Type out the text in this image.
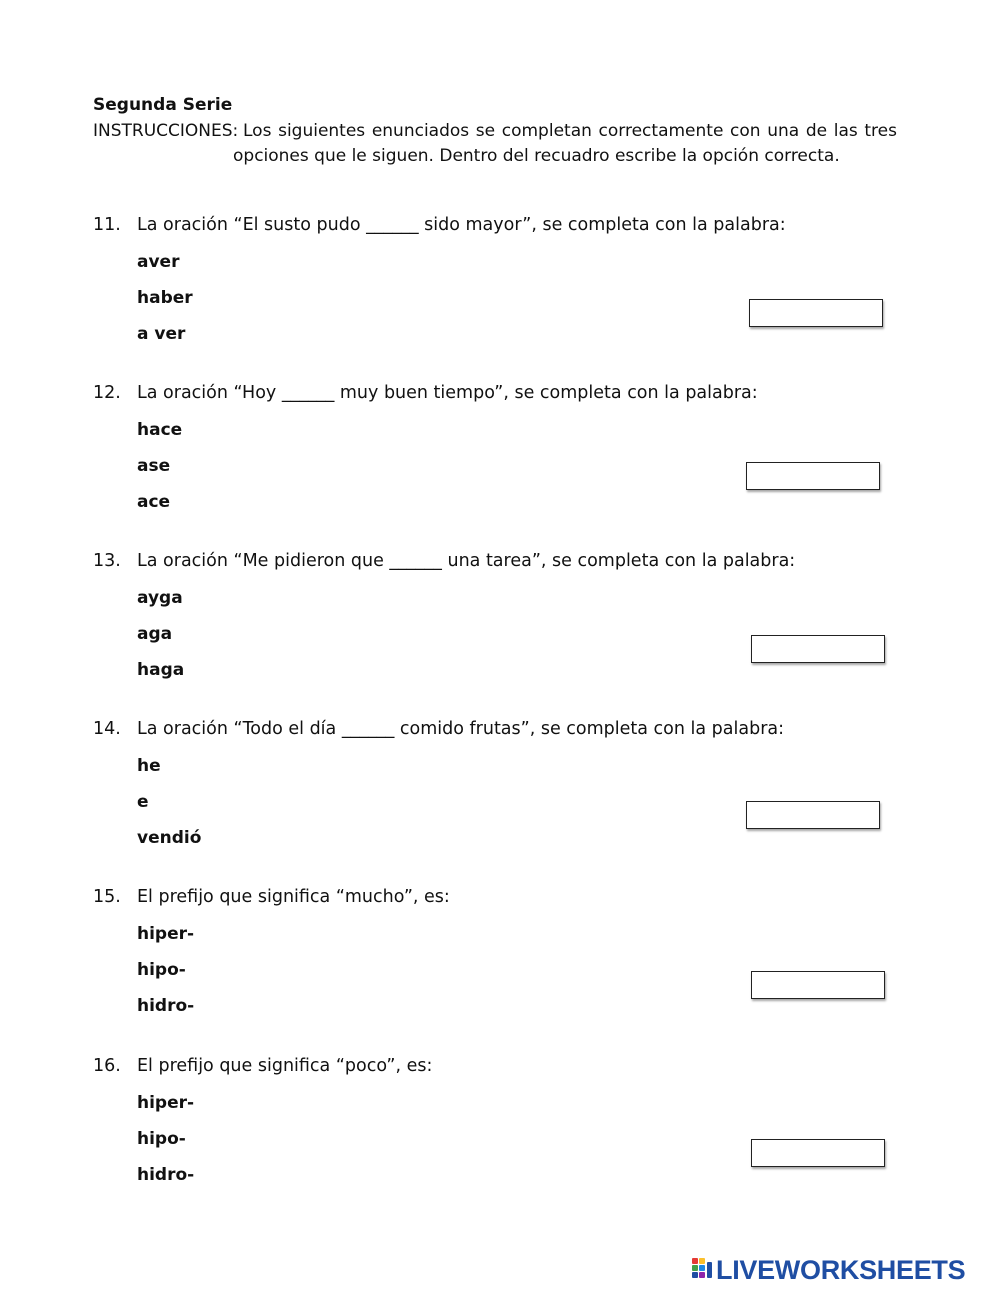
Segunda Serie
INSTRUCCIONES: Los siguientes enunciados se completan correctamente con una de las tres opciones que le siguen. Dentro del recuadro escribe la opción correcta.
11. La oración “El susto pudo ______ sido mayor”, se completa con la palabra:
aver
haber
a ver
12. La oración “Hoy ______ muy buen tiempo”, se completa con la palabra:
hace
ase
ace
13. La oración “Me pidieron que ______ una tarea”, se completa con la palabra:
ayga
aga
haga
14. La oración “Todo el día ______ comido frutas”, se completa con la palabra:
he
e
vendió
15. El prefijo que significa “mucho”, es:
hiper-
hipo-
hidro-
16. El prefijo que significa “poco”, es:
hiper-
hipo-
hidro-
LIVEWORKSHEETS
